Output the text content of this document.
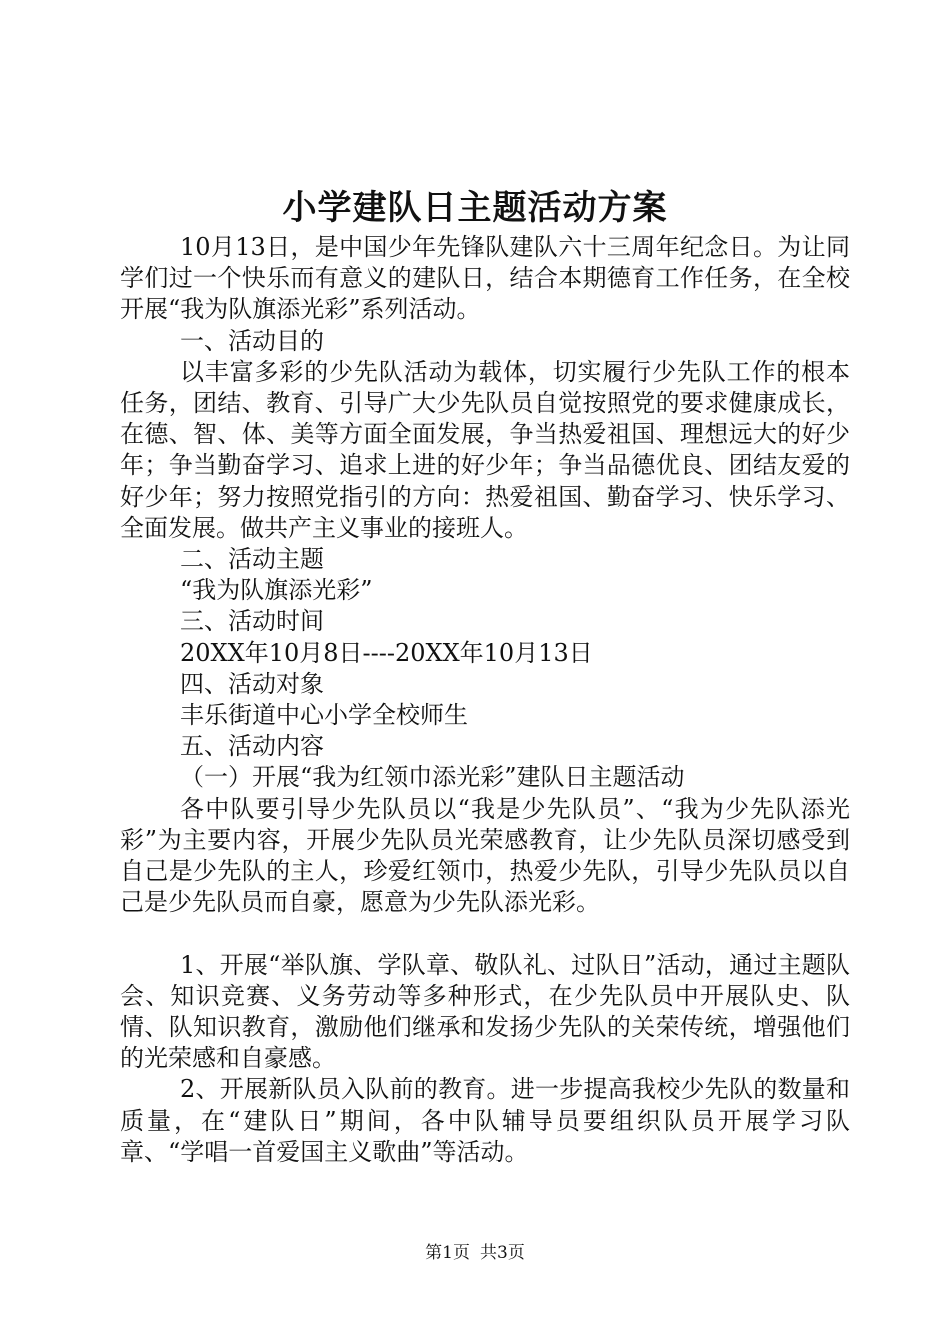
小学建队日主题活动方案

10月13日，是中国少年先锋队建队六十三周年纪念日。为让同学们过一个快乐而有意义的建队日，结合本期德育工作任务，在全校开展“我为队旗添光彩”系列活动。

一、活动目的

以丰富多彩的少先队活动为载体，切实履行少先队工作的根本任务，团结、教育、引导广大少先队员自觉按照党的要求健康成长，在德、智、体、美等方面全面发展，争当热爱祖国、理想远大的好少年；争当勤奋学习、追求上进的好少年；争当品德优良、团结友爱的好少年；努力按照党指引的方向：热爱祖国、勤奋学习、快乐学习、全面发展。做共产主义事业的接班人。

二、活动主题

“我为队旗添光彩”

三、活动时间

20XX年10月8日----20XX年10月13日

四、活动对象

丰乐街道中心小学全校师生

五、活动内容

（一）开展“我为红领巾添光彩”建队日主题活动

各中队要引导少先队员以“我是少先队员”、“我为少先队添光彩”为主要内容，开展少先队员光荣感教育，让少先队员深切感受到自己是少先队的主人，珍爱红领巾，热爱少先队，引导少先队员以自己是少先队员而自豪，愿意为少先队添光彩。

1、开展“举队旗、学队章、敬队礼、过队日”活动，通过主题队会、知识竞赛、义务劳动等多种形式，在少先队员中开展队史、队情、队知识教育，激励他们继承和发扬少先队的关荣传统，增强他们的光荣感和自豪感。

2、开展新队员入队前的教育。进一步提高我校少先队的数量和质量，在“建队日”期间，各中队辅导员要组织队员开展学习队章、“学唱一首爱国主义歌曲”等活动。

第1页 共3页
